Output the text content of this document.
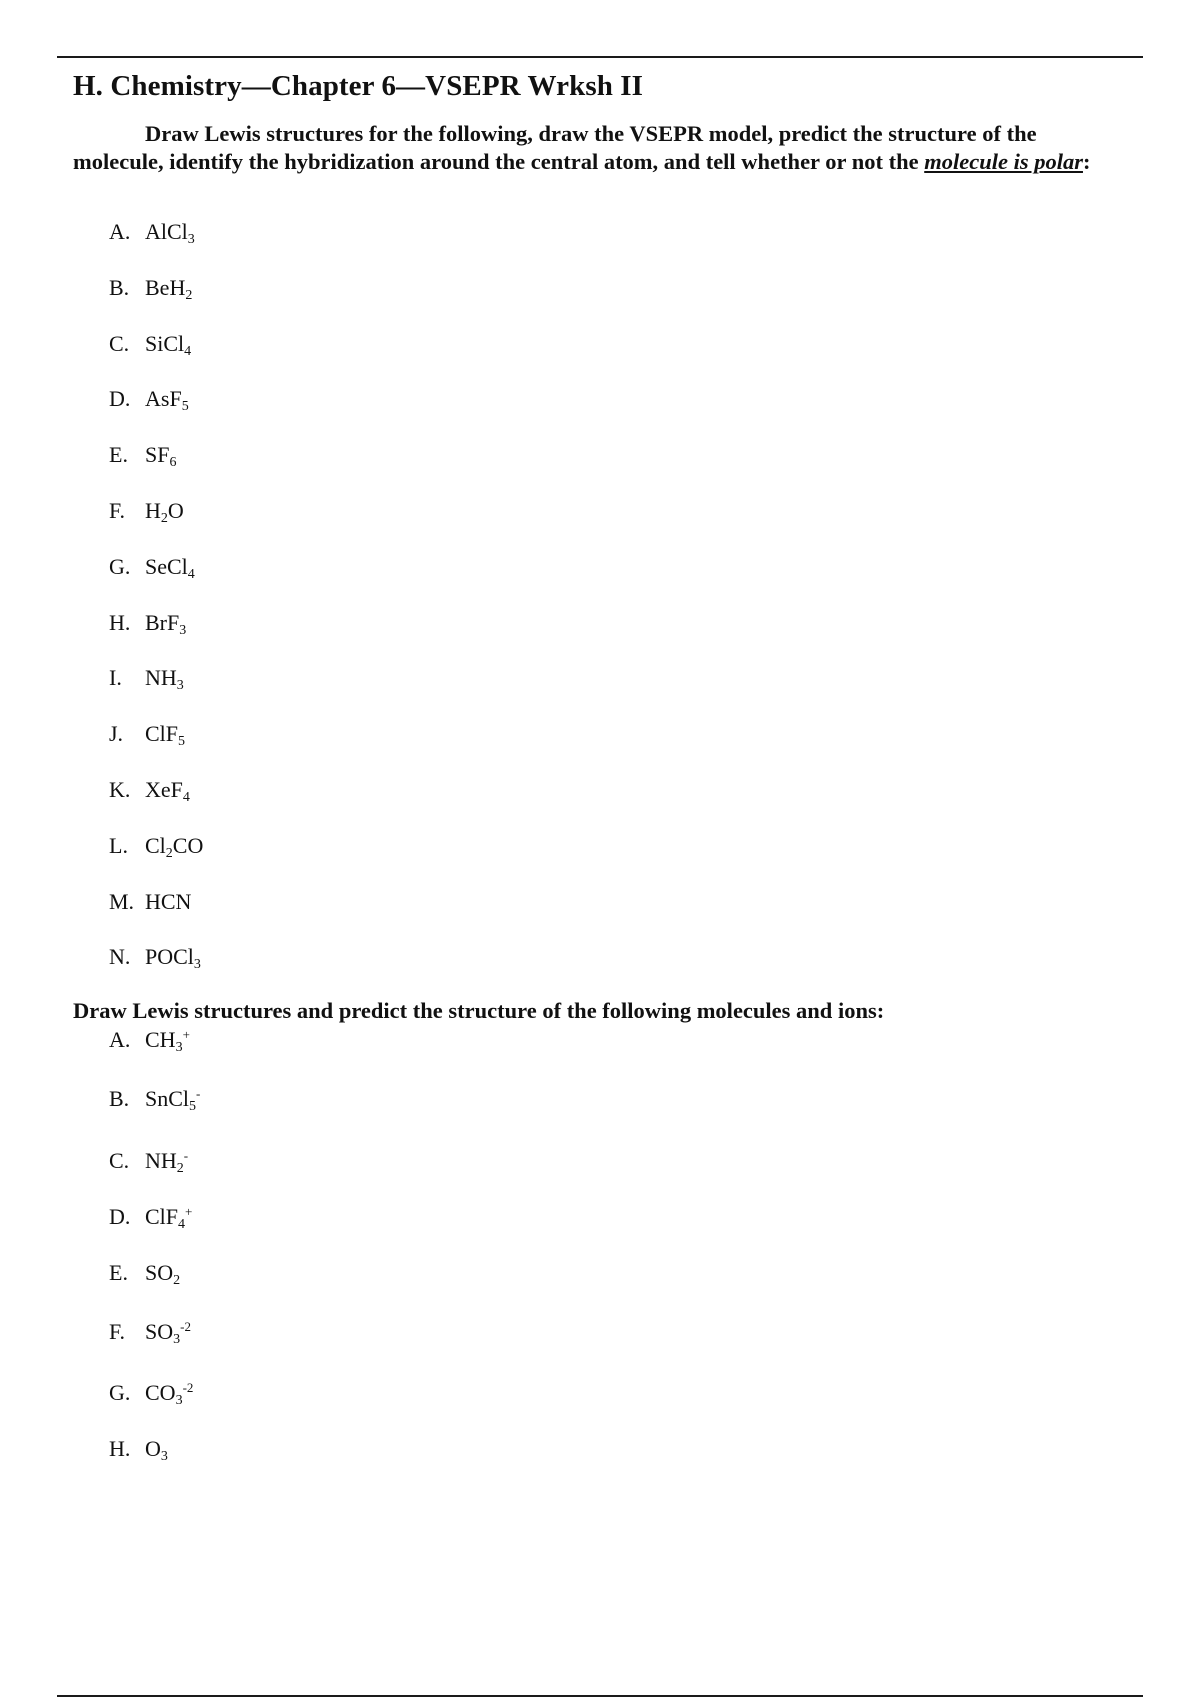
H. Chemistry—Chapter 6—VSEPR Wrksh II

Draw Lewis structures for the following, draw the VSEPR model, predict the structure of the molecule, identify the hybridization around the central atom, and tell whether or not the molecule is polar:

A. AlCl$_3$
B. BeH$_2$
C. SiCl$_4$
D. AsF$_5$
E. $SF_6$
F. $H_2O$
G. SeCl$_4$
H. BrF$_3$
I.	$NH_3$
J. ClF$_5$
K. XeF$_4$
L. $Cl_2CO$
M. HCN
N. POCl$_3$
Draw Lewis structures and predict the structure of the following molecules and ions:
A. $CH_3^+$
B. SnCl$_5$-
C. $NH_2^-$
D. ClF$_4$+
E. $SO_2$
F. $SO_3^{-2}$
G. $CO_3^{-2}$
H. $O_3$
